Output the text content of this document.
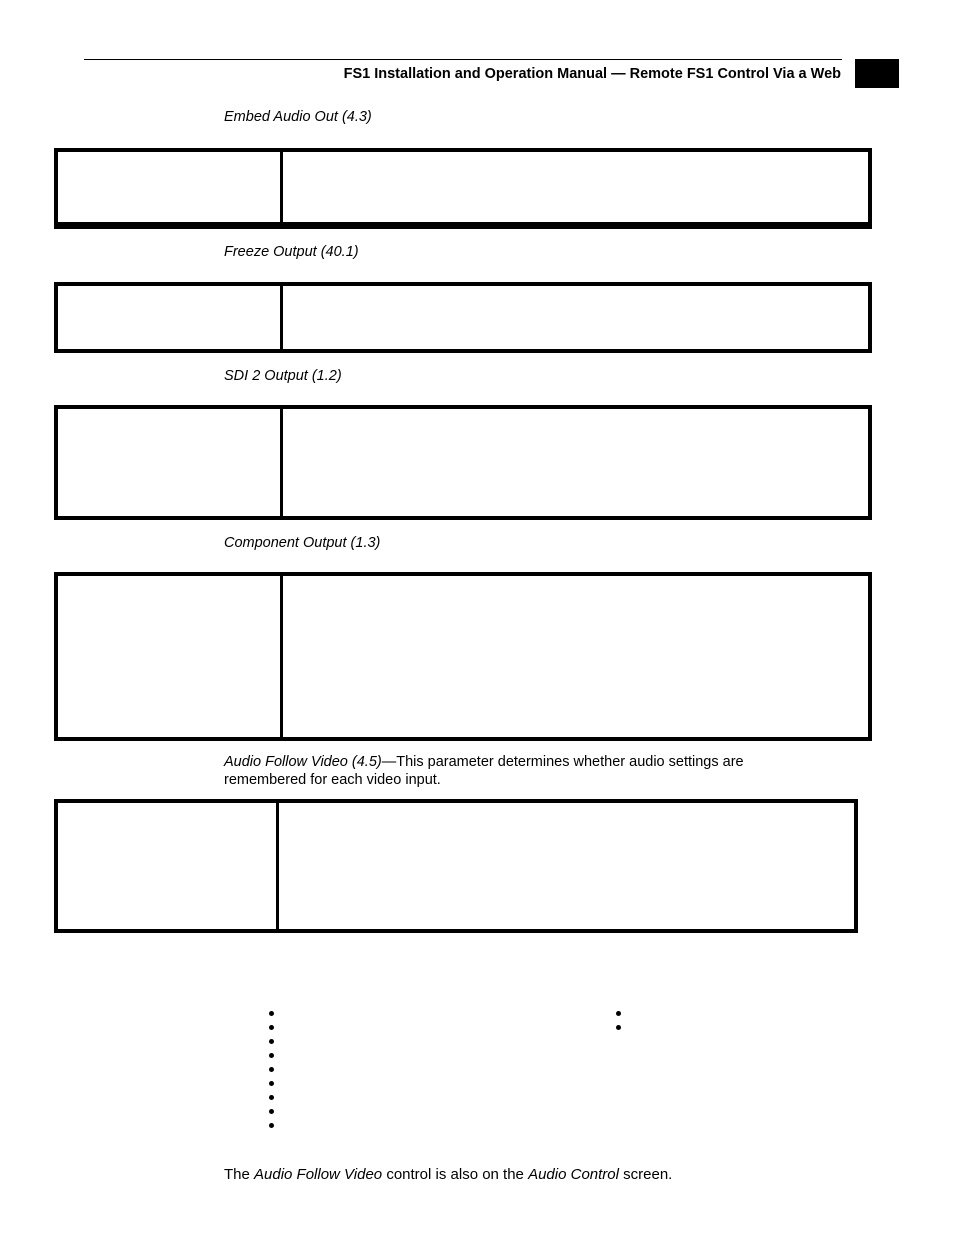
FS1 Installation and Operation Manual — Remote FS1 Control Via a Web
Embed Audio Out (4.3)
Freeze Output (40.1)
SDI 2 Output (1.2)
Component Output (1.3)
Audio Follow Video (4.5)—This parameter determines whether audio settings are remembered for each video input.
The Audio Follow Video control is also on the Audio Control screen.
